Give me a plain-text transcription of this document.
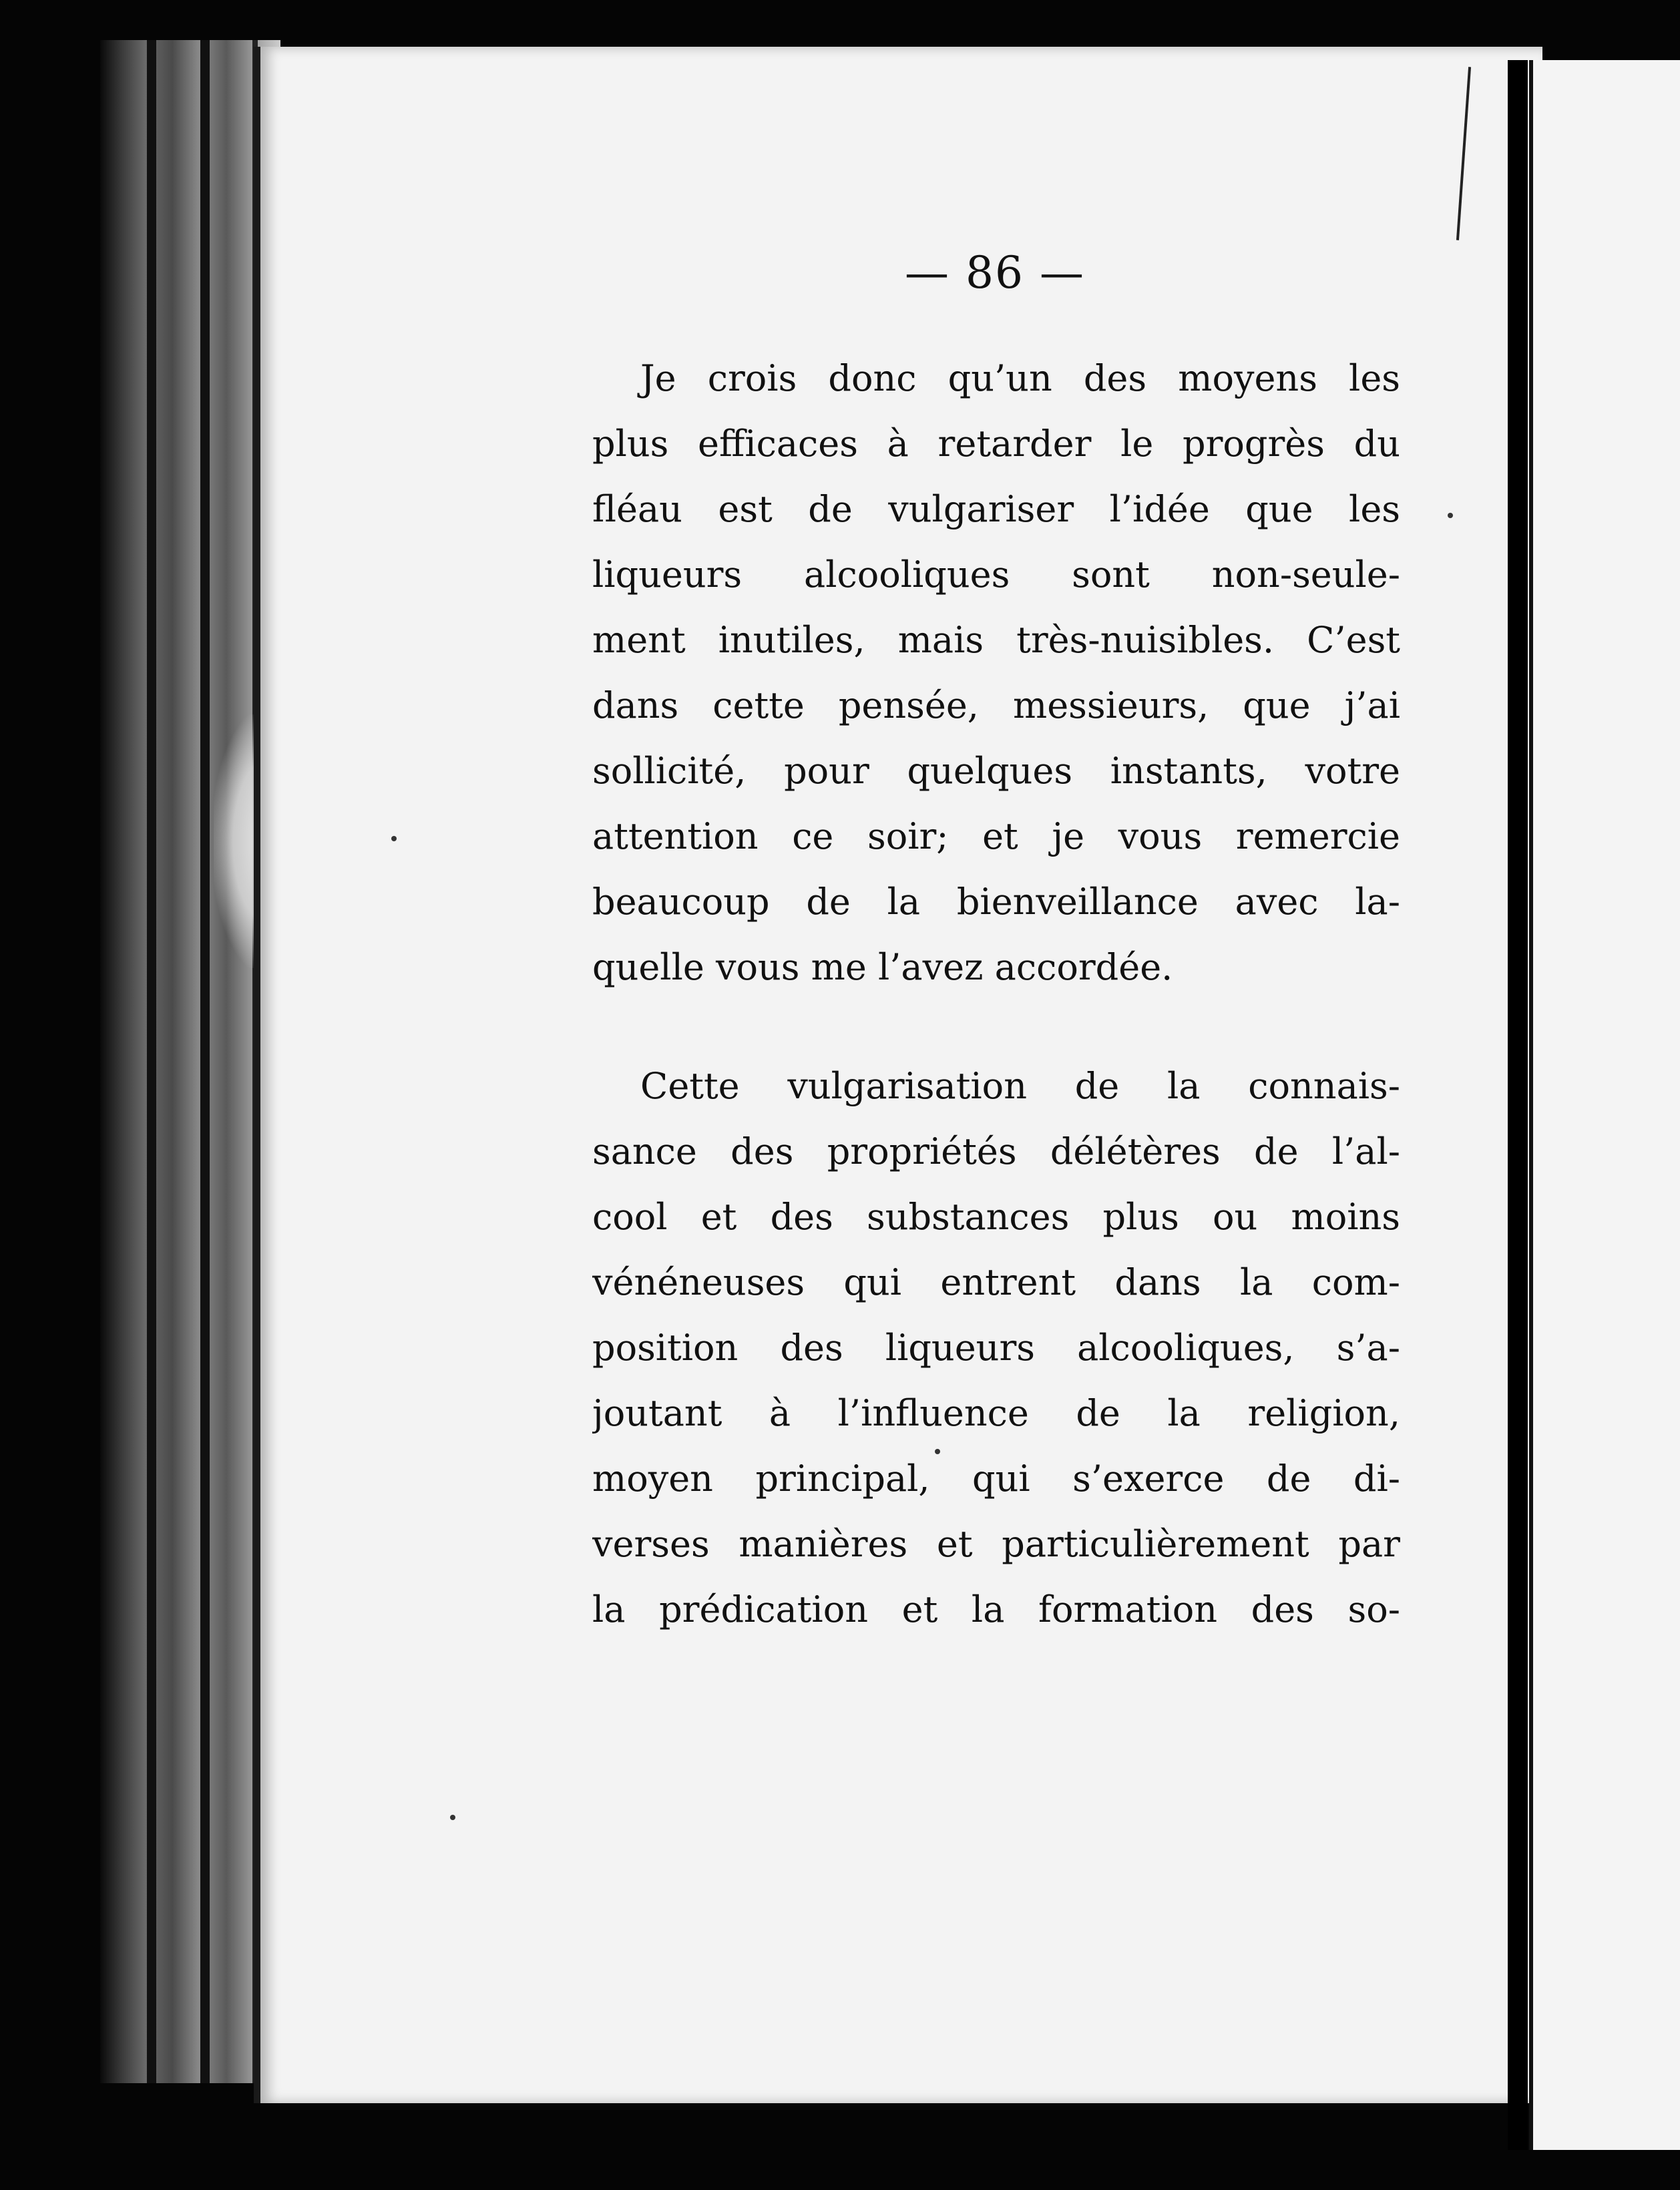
— 86 —
Je crois donc qu’un des moyens les
plus efficaces à retarder le progrès du
fléau est de vulgariser l’idée que les
liqueurs alcooliques sont non-seule-
ment inutiles, mais très-nuisibles. C’est
dans cette pensée, messieurs, que j’ai
sollicité, pour quelques instants, votre
attention ce soir; et je vous remercie
beaucoup de la bienveillance avec la-
quelle vous me l’avez accordée.
Cette vulgarisation de la connais-
sance des propriétés délétères de l’al-
cool et des substances plus ou moins
vénéneuses qui entrent dans la com-
position des liqueurs alcooliques, s’a-
joutant à l’influence de la religion,
moyen principal, qui s’exerce de di-
verses manières et particulièrement par
la prédication et la formation des so-
